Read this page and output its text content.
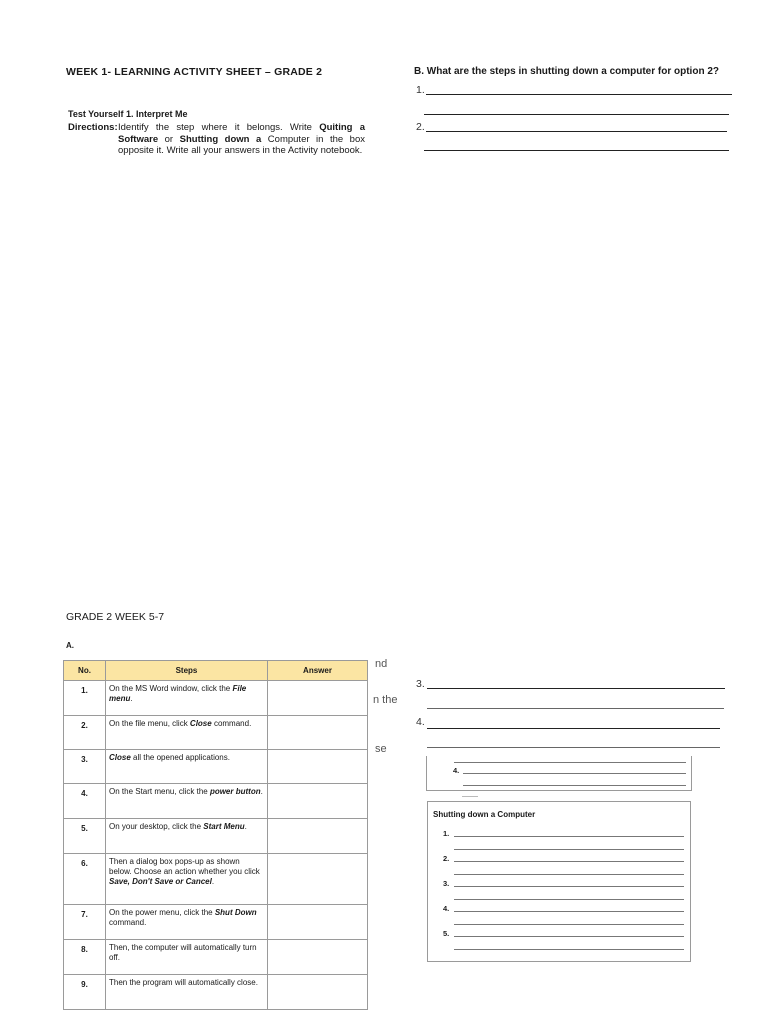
WEEK 1- LEARNING ACTIVITY SHEET – GRADE 2
Test Yourself 1. Interpret Me
Directions: Identify the step where it belongs. Write Quiting a Software or Shutting down a Computer in the box opposite it. Write all your answers in the Activity notebook.
B. What are the steps in shutting down a computer for option 2?
1.
2.
GRADE 2 WEEK 5-7
A.
No.	Steps	Answer
1.	On the MS Word window, click the File menu.	
2.	On the file menu, click Close command.	
3.	Close all the opened applications.	
4.	On the Start menu, click the power button.	
5.	On your desktop, click the Start Menu.	
6.	Then a dialog box pops-up as shown below. Choose an action whether you click Save, Don't Save or Cancel.	
7.	On the power menu, click the Shut Down command.	
8.	Then, the computer will automatically turn off.	
9.	Then the program will automatically close.	
nd
n the
se
3.
4.
4.
Shutting down a Computer
1.
2.
3.
4.
5.
